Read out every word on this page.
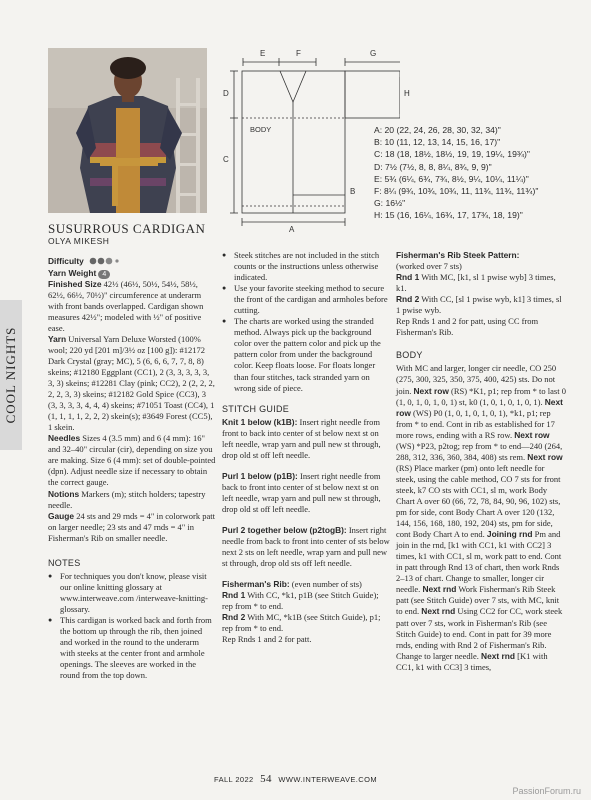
COOL NIGHTS
E	F	G
D
C
B
A
BODY
H
A: 20 (22, 24, 26, 28, 30, 32, 34)"
B: 10 (11, 12, 13, 14, 15, 16, 17)"
C: 18 (18, 18½, 18½, 19, 19, 19¼, 19¾)"
D: 7½ (7½, 8, 8, 8¼, 8¾, 9, 9)"
E: 5¾ (6¼, 6¾, 7¾, 8½, 9¼, 10¼, 11¼)"
F: 8¼ (9¾, 10¾, 10¾, 11, 11¾, 11¾, 11¾)"
G: 16½"
H: 15 (16, 16¼, 16¾, 17, 17¾, 18, 19)"
SUSURROUS CARDIGAN
OLYA MIKESH

Difficulty

Yarn Weight 4

Finished Size 42½ (46½, 50½, 54½, 58½, 62½, 66½, 70½)" circumference at underarm with front bands overlapped. Cardigan shown measures 42½"; modeled with ½" of positive ease.

Yarn Universal Yarn Deluxe Worsted (100% wool; 220 yd [201 m]/3½ oz [100 g]): #12172 Dark Crystal (gray; MC), 5 (6, 6, 6, 7, 7, 8, 8) skeins; #12180 Eggplant (CC1), 2 (3, 3, 3, 3, 3, 3, 3) skeins; #12281 Clay (pink; CC2), 2 (2, 2, 2, 2, 2, 3, 3) skeins; #12182 Gold Spice (CC3), 3 (3, 3, 3, 3, 4, 4, 4) skeins; #71051 Toast (CC4), 1 (1, 1, 1, 1, 2, 2, 2) skein(s); #3649 Forest (CC5), 1 skein.

Needles Sizes 4 (3.5 mm) and 6 (4 mm): 16" and 32–40" circular (cir), depending on size you are making. Size 6 (4 mm): set of double-pointed (dpn). Adjust needle size if necessary to obtain the correct gauge.

Notions Markers (m); stitch holders; tapestry needle.

Gauge 24 sts and 29 rnds = 4" in colorwork patt on larger needle; 23 sts and 47 rnds = 4" in Fisherman's Rib on smaller needle.

NOTES
● For techniques you don't know, please visit our online knitting glossary at www.interweave.com /interweave-knitting-glossary.
● This cardigan is worked back and forth from the bottom up through the rib, then joined and worked in the round to the underarm with steeks at the center front and armhole openings. The sleeves are worked in the round from the top down.
● Steek stitches are not included in the stitch counts or the instructions unless otherwise indicated.
● Use your favorite steeking method to secure the front of the cardigan and armholes before cutting.
● The charts are worked using the stranded method. Always pick up the background color over the pattern color and pick up the pattern color from under the background color. Keep floats loose. For floats longer than four stitches, tack stranded yarn on wrong side of piece.
STITCH GUIDE

Knit 1 below (k1B): Insert right needle from front to back into center of st below next st on left needle, wrap yarn and pull new st through, drop old st off left needle.

Purl 1 below (p1B): Insert right needle from back to front into center of st below next st on left needle, wrap yarn and pull new st through, drop old st off left needle.

Purl 2 together below (p2togB): Insert right needle from back to front into center of sts below next 2 sts on left needle, wrap yarn and pull new st through, drop old sts off left needle.

Fisherman's Rib: (even number of sts)

Rnd 1 With CC, *k1, p1B (see Stitch Guide); rep from * to end.

Rnd 2 With MC, *k1B (see Stitch Guide), p1; rep from * to end.

Rep Rnds 1 and 2 for patt.

Fisherman's Rib Steek Pattern:

(worked over 7 sts)

Rnd 1 With MC, [k1, sl 1 pwise wyb] 3 times, k1.

Rnd 2 With CC, [sl 1 pwise wyb, k1] 3 times, sl 1 pwise wyb.

Rep Rnds 1 and 2 for patt, using CC from Fisherman's Rib.

BODY

With MC and larger, longer cir needle, CO 250 (275, 300, 325, 350, 375, 400, 425) sts. Do not join. Next row (RS) *K1, p1; rep from * to last 0 (1, 0, 1, 0, 1, 0, 1) st, k0 (1, 0, 1, 0, 1, 0, 1). Next row (WS) P0 (1, 0, 1, 0, 1, 0, 1), *k1, p1; rep from * to end. Cont in rib as established for 17 more rows, ending with a RS row. Next row (WS) *P23, p2tog; rep from * to end—240 (264, 288, 312, 336, 360, 384, 408) sts rem. Next row (RS) Place marker (pm) onto left needle for steek, using the cable method, CO 7 sts for front steek, k7 CO sts with CC1, sl m, work Body Chart A over 60 (66, 72, 78, 84, 90, 96, 102) sts, pm for side, cont Body Chart A over 120 (132, 144, 156, 168, 180, 192, 204) sts, pm for side, cont Body Chart A to end. Joining rnd Pm and join in the rnd, [k1 with CC1, k1 with CC2] 3 times, k1 with CC1, sl m, work patt to end. Cont in patt through Rnd 13 of chart, then work Rnds 2–13 of chart. Change to smaller, longer cir needle. Next rnd Work Fisherman's Rib Steek patt (see Stitch Guide) over 7 sts, with MC, knit to end. Next rnd Using CC2 for CC, work steek patt over 7 sts, work in Fisherman's Rib (see Stitch Guide) to end. Cont in patt for 39 more rnds, ending with Rnd 2 of Fisherman's Rib. Change to larger needle. Next rnd [K1 with CC1, k1 with CC3] 3 times,

FALL 2022 54 WWW.INTERWEAVE.COM
PassionForum.ru
